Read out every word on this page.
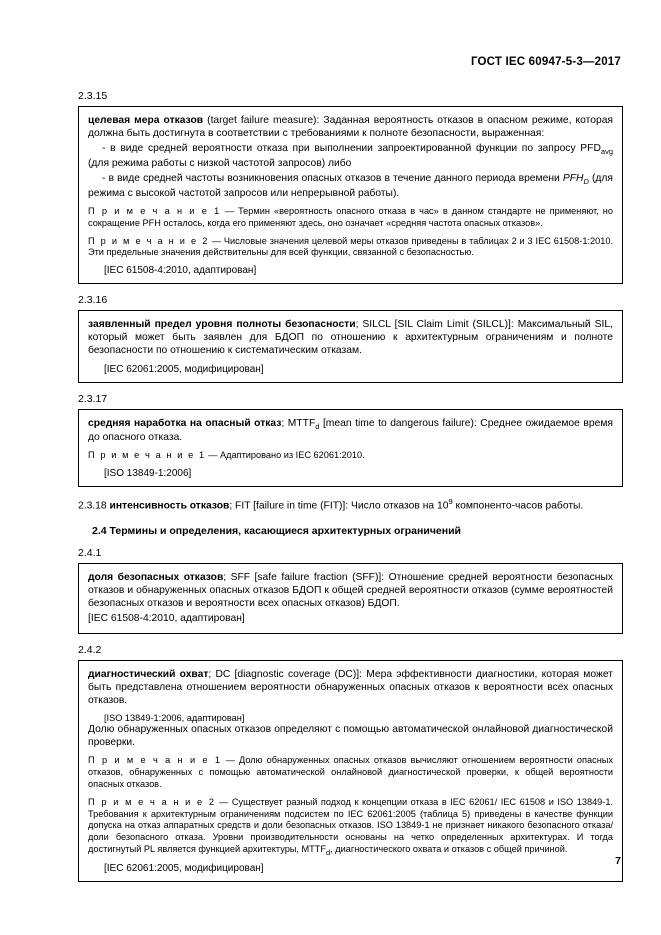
ГОСТ IEC 60947-5-3—2017
2.3.15

целевая мера отказов (target failure measure): Заданная вероятность отказов в опасном режиме, которая должна быть достигнута в соответствии с требованиями к полноте безопасности, выраженная:

- в виде средней вероятности отказа при выполнении запроектированной функции по запросу $PFD_{avg}$ (для режима работы с низкой частотой запросов) либо

- в виде средней частоты возникновения опасных отказов в течение данного периода времени $PFH_D$ (для режима с высокой частотой запросов или непрерывной работы).

П р и м е ч а н и е 1 — Термин «вероятность опасного отказа в час» в данном стандарте не применяют, но сокращение PFH осталось, когда его применяют здесь, оно означает «средняя частота опасных отказов».

П р и м е ч а н и е 2 — Числовые значения целевой меры отказов приведены в таблицах 2 и 3 IEC 61508-1:2010. Эти предельные значения действительны для всей функции, связанной с безопасностью.

[IEC 61508-4:2010, адаптирован]

2.3.16

заявленный предел уровня полноты безопасности; SILCL [SIL Claim Limit (SILCL)]: Максимальный SIL, который может быть заявлен для БДОП по отношению к архитектурным ограничениям и полноте безопасности по отношению к систематическим отказам.

[IEC 62061:2005, модифицирован]

2.3.17

средняя наработка на опасный отказ; $MTTF_d$ [mean time to dangerous failure): Среднее ожидаемое время до опасного отказа.

П р и м е ч а н и е 1 — Адаптировано из IEC 62061:2010.

[ISO 13849-1:2006]

2.3.18 интенсивность отказов; FIT [failure in time (FIT)]: Число отказов на $10^9$ компоненто-часов работы.
2.4 Термины и определения, касающиеся архитектурных ограничений
2.4.1

доля безопасных отказов; SFF [safe failure fraction (SFF)]: Отношение средней вероятности безопасных отказов и обнаруженных опасных отказов БДОП к общей средней вероятности отказов (сумме вероятностей безопасных отказов и вероятности всех опасных отказов) БДОП.

[IEC 61508-4:2010, адаптирован]

2.4.2

диагностический охват; DC [diagnostic coverage (DC)]: Мера эффективности диагностики, которая может быть представлена отношением вероятности обнаруженных опасных отказов к вероятности всех опасных отказов.

[ISO 13849-1:2006, адаптирован]

Долю обнаруженных опасных отказов определяют с помощью автоматической онлайновой диагностической проверки.

П р и м е ч а н и е 1 — Долю обнаруженных опасных отказов вычисляют отношением вероятности опасных отказов, обнаруженных с помощью автоматической онлайновой диагностической проверки, к общей вероятности опасных отказов.

П р и м е ч а н и е 2 — Существует разный подход к концепции отказа в IEC 62061/ IEC 61508 и ISO 13849-1. Требования к архитектурным ограничениям подсистем по IEC 62061:2005 (таблица 5) приведены в качестве функции допуска на отказ аппаратных средств и доли безопасных отказов. ISO 13849-1 не признает никакого безопасного отказа/доли безопасного отказа. Уровни производительности основаны на четко определенных архитектурах. И тогда достигнутый PL является функцией архитектуры, $MTTF_d$, диагностического охвата и отказов с общей причиной.

[IEC 62061:2005, модифицирован]

7
